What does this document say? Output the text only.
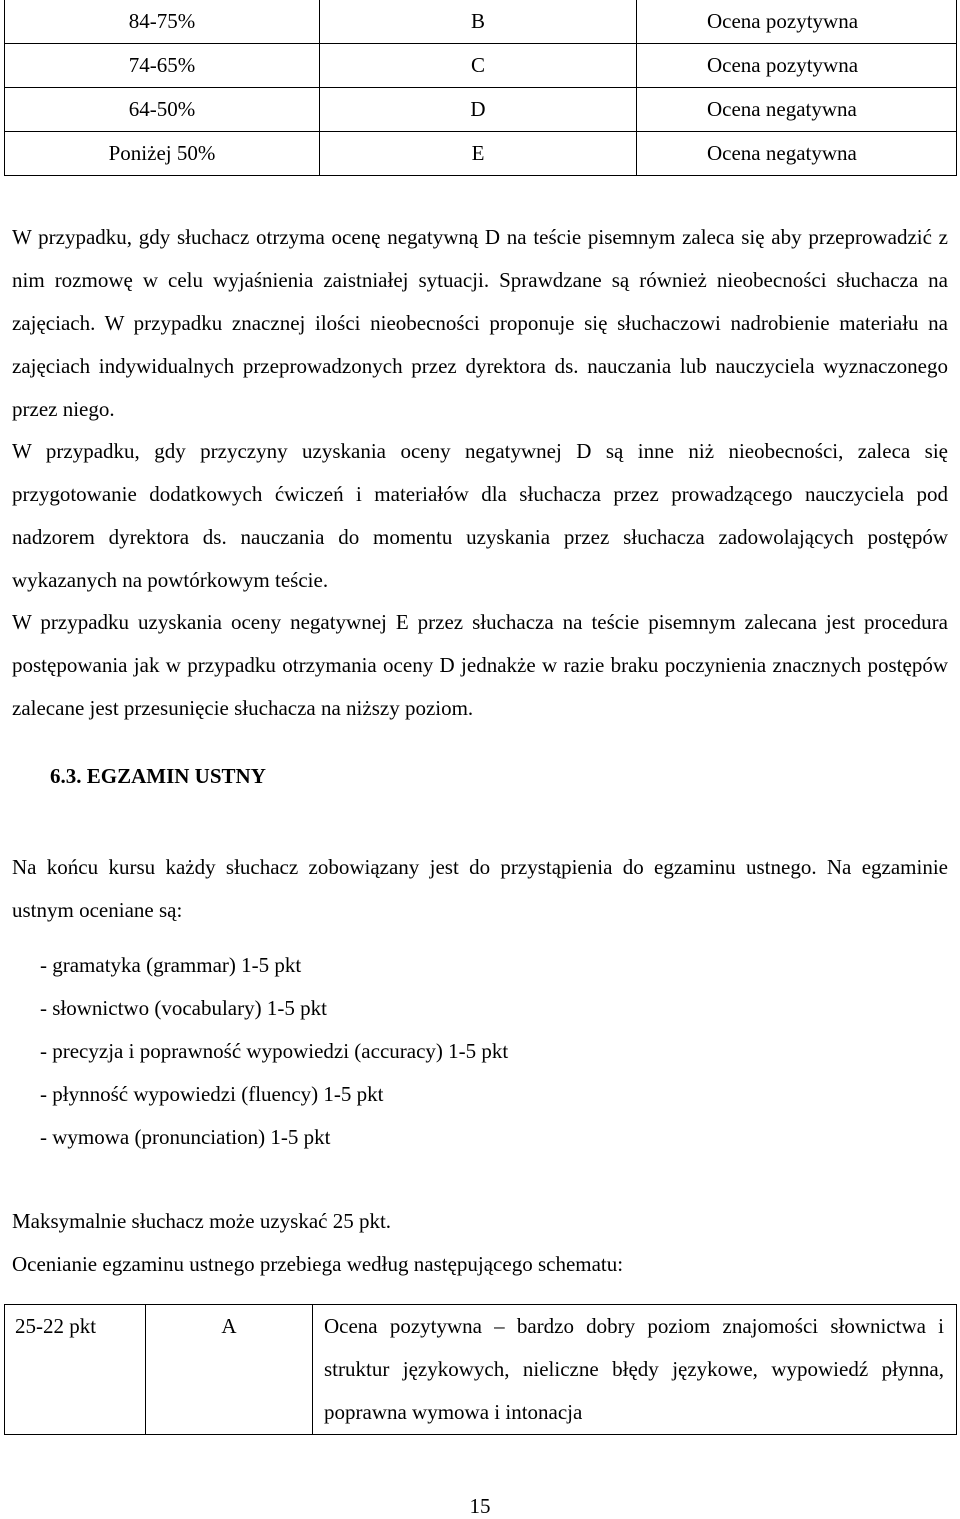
84-75%	B	Ocena pozytywna
74-65%	C	Ocena pozytywna
64-50%	D	Ocena negatywna
Poniżej 50%	E	Ocena negatywna

W przypadku, gdy słuchacz otrzyma ocenę negatywną D na teście pisemnym zaleca się aby przeprowadzić z nim rozmowę w celu wyjaśnienia zaistniałej sytuacji. Sprawdzane są również nieobecności słuchacza na zajęciach. W przypadku znacznej ilości nieobecności proponuje się słuchaczowi nadrobienie materiału na zajęciach indywidualnych przeprowadzonych przez dyrektora ds. nauczania lub nauczyciela wyznaczonego przez niego.

W przypadku, gdy przyczyny uzyskania oceny negatywnej D są inne niż nieobecności, zaleca się przygotowanie dodatkowych ćwiczeń i materiałów dla słuchacza przez prowadzącego nauczyciela pod nadzorem dyrektora ds. nauczania do momentu uzyskania przez słuchacza zadowolających postępów wykazanych na powtórkowym teście.

W przypadku uzyskania oceny negatywnej E przez słuchacza na teście pisemnym zalecana jest procedura postępowania jak w przypadku otrzymania oceny D jednakże w razie braku poczynienia znacznych postępów zalecane jest przesunięcie słuchacza na niższy poziom.

6.3. EGZAMIN USTNY

Na końcu kursu każdy słuchacz zobowiązany jest do przystąpienia do egzaminu ustnego. Na egzaminie ustnym oceniane są:

- gramatyka (grammar) 1-5 pkt
- słownictwo (vocabulary) 1-5 pkt
- precyzja i poprawność wypowiedzi (accuracy) 1-5 pkt
- płynność wypowiedzi (fluency) 1-5 pkt
- wymowa (pronunciation) 1-5 pkt

Maksymalnie słuchacz może uzyskać 25 pkt.

Ocenianie egzaminu ustnego przebiega według następującego schematu:

25-22 pkt	A	Ocena pozytywna – bardzo dobry poziom znajomości słownictwa i struktur językowych, nieliczne błędy językowe, wypowiedź płynna, poprawna wymowa i intonacja
15
